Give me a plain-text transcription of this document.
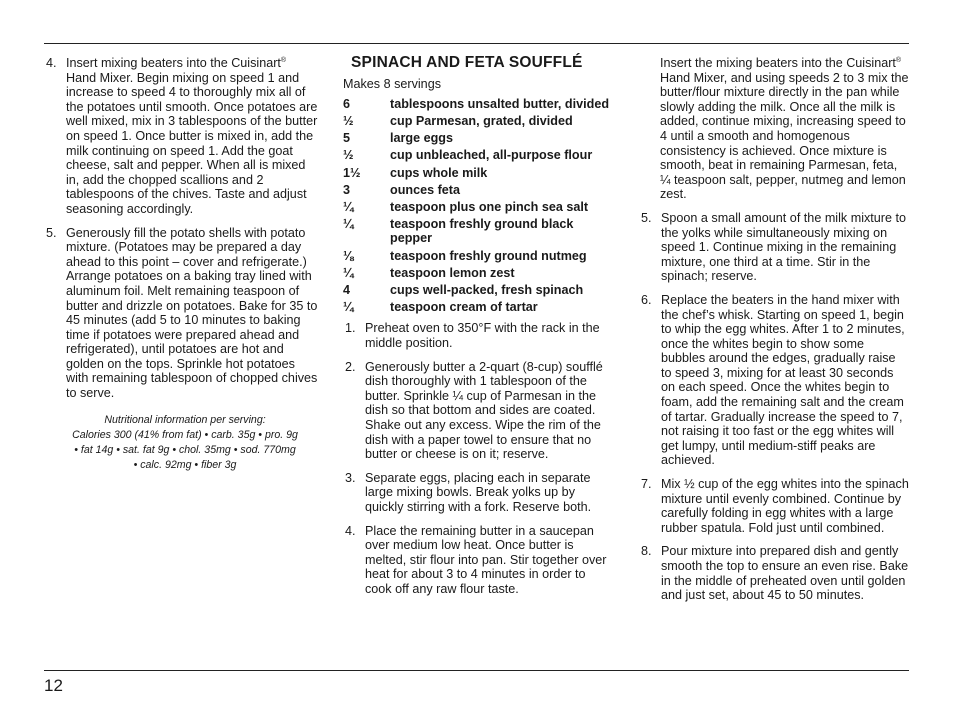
4. Insert mixing beaters into the Cuisinart® Hand Mixer. Begin mixing on speed 1 and increase to speed 4 to thoroughly mix all of the potatoes until smooth. Once potatoes are well mixed, mix in 3 tablespoons of the butter on speed 1. Once butter is mixed in, add the milk continuing on speed 1. Add the goat cheese, salt and pepper. When all is mixed in, add the chopped scallions and 2 tablespoons of the chives. Taste and adjust seasoning accordingly.
5. Generously fill the potato shells with potato mixture. (Potatoes may be prepared a day ahead to this point – cover and refrigerate.) Arrange potatoes on a baking tray lined with aluminum foil. Melt remaining teaspoon of butter and drizzle on potatoes. Bake for 35 to 45 minutes (add 5 to 10 minutes to baking time if potatoes were prepared ahead and refrigerated), until potatoes are hot and golden on the tops. Sprinkle hot potatoes with remaining tablespoon of chopped chives to serve.
Nutritional information per serving:
Calories 300 (41% from fat) • carb. 35g • pro. 9g
• fat 14g • sat. fat 9g • chol. 35mg • sod. 770mg
• calc. 92mg • fiber 3g
SPINACH AND FETA SOUFFLÉ
Makes 8 servings
6	tablespoons unsalted butter, divided
½	cup Parmesan, grated, divided
5	large eggs
½	cup unbleached, all-purpose flour
1½	cups whole milk
3	ounces feta
¼	teaspoon plus one pinch sea salt
¼	teaspoon freshly ground black pepper
⅛	teaspoon freshly ground nutmeg
¼	teaspoon lemon zest
4	cups well-packed, fresh spinach
¼	teaspoon cream of tartar
1. Preheat oven to 350°F with the rack in the middle position.
2. Generously butter a 2-quart (8-cup) soufflé dish thoroughly with 1 tablespoon of the butter. Sprinkle ¼ cup of Parmesan in the dish so that bottom and sides are coated. Shake out any excess. Wipe the rim of the dish with a paper towel to ensure that no butter or cheese is on it; reserve.
3. Separate eggs, placing each in separate large mixing bowls. Break yolks up by quickly stirring with a fork. Reserve both.
4. Place the remaining butter in a saucepan over medium low heat. Once butter is melted, stir flour into pan. Stir together over heat for about 3 to 4 minutes in order to cook off any raw flour taste.
Insert the mixing beaters into the Cuisinart® Hand Mixer, and using speeds 2 to 3 mix the butter/flour mixture directly in the pan while slowly adding the milk. Once all the milk is added, continue mixing, increasing speed to 4 until a smooth and homogenous consistency is achieved. Once mixture is smooth, beat in remaining Parmesan, feta, ¼ teaspoon salt, pepper, nutmeg and lemon zest.
5. Spoon a small amount of the milk mixture to the yolks while simultaneously mixing on speed 1. Continue mixing in the remaining mixture, one third at a time. Stir in the spinach; reserve.
6. Replace the beaters in the hand mixer with the chef’s whisk. Starting on speed 1, begin to whip the egg whites. After 1 to 2 minutes, once the whites begin to show some bubbles around the edges, gradually raise to speed 3, mixing for at least 30 seconds on each speed. Once the whites begin to foam, add the remaining salt and the cream of tartar. Gradually increase the speed to 7, not raising it too fast or the egg whites will get lumpy, until medium-stiff peaks are achieved.
7. Mix ½ cup of the egg whites into the spinach mixture until evenly combined. Continue by carefully folding in egg whites with a large rubber spatula. Fold just until combined.
8. Pour mixture into prepared dish and gently smooth the top to ensure an even rise. Bake in the middle of preheated oven until golden and just set, about 45 to 50 minutes.
12
